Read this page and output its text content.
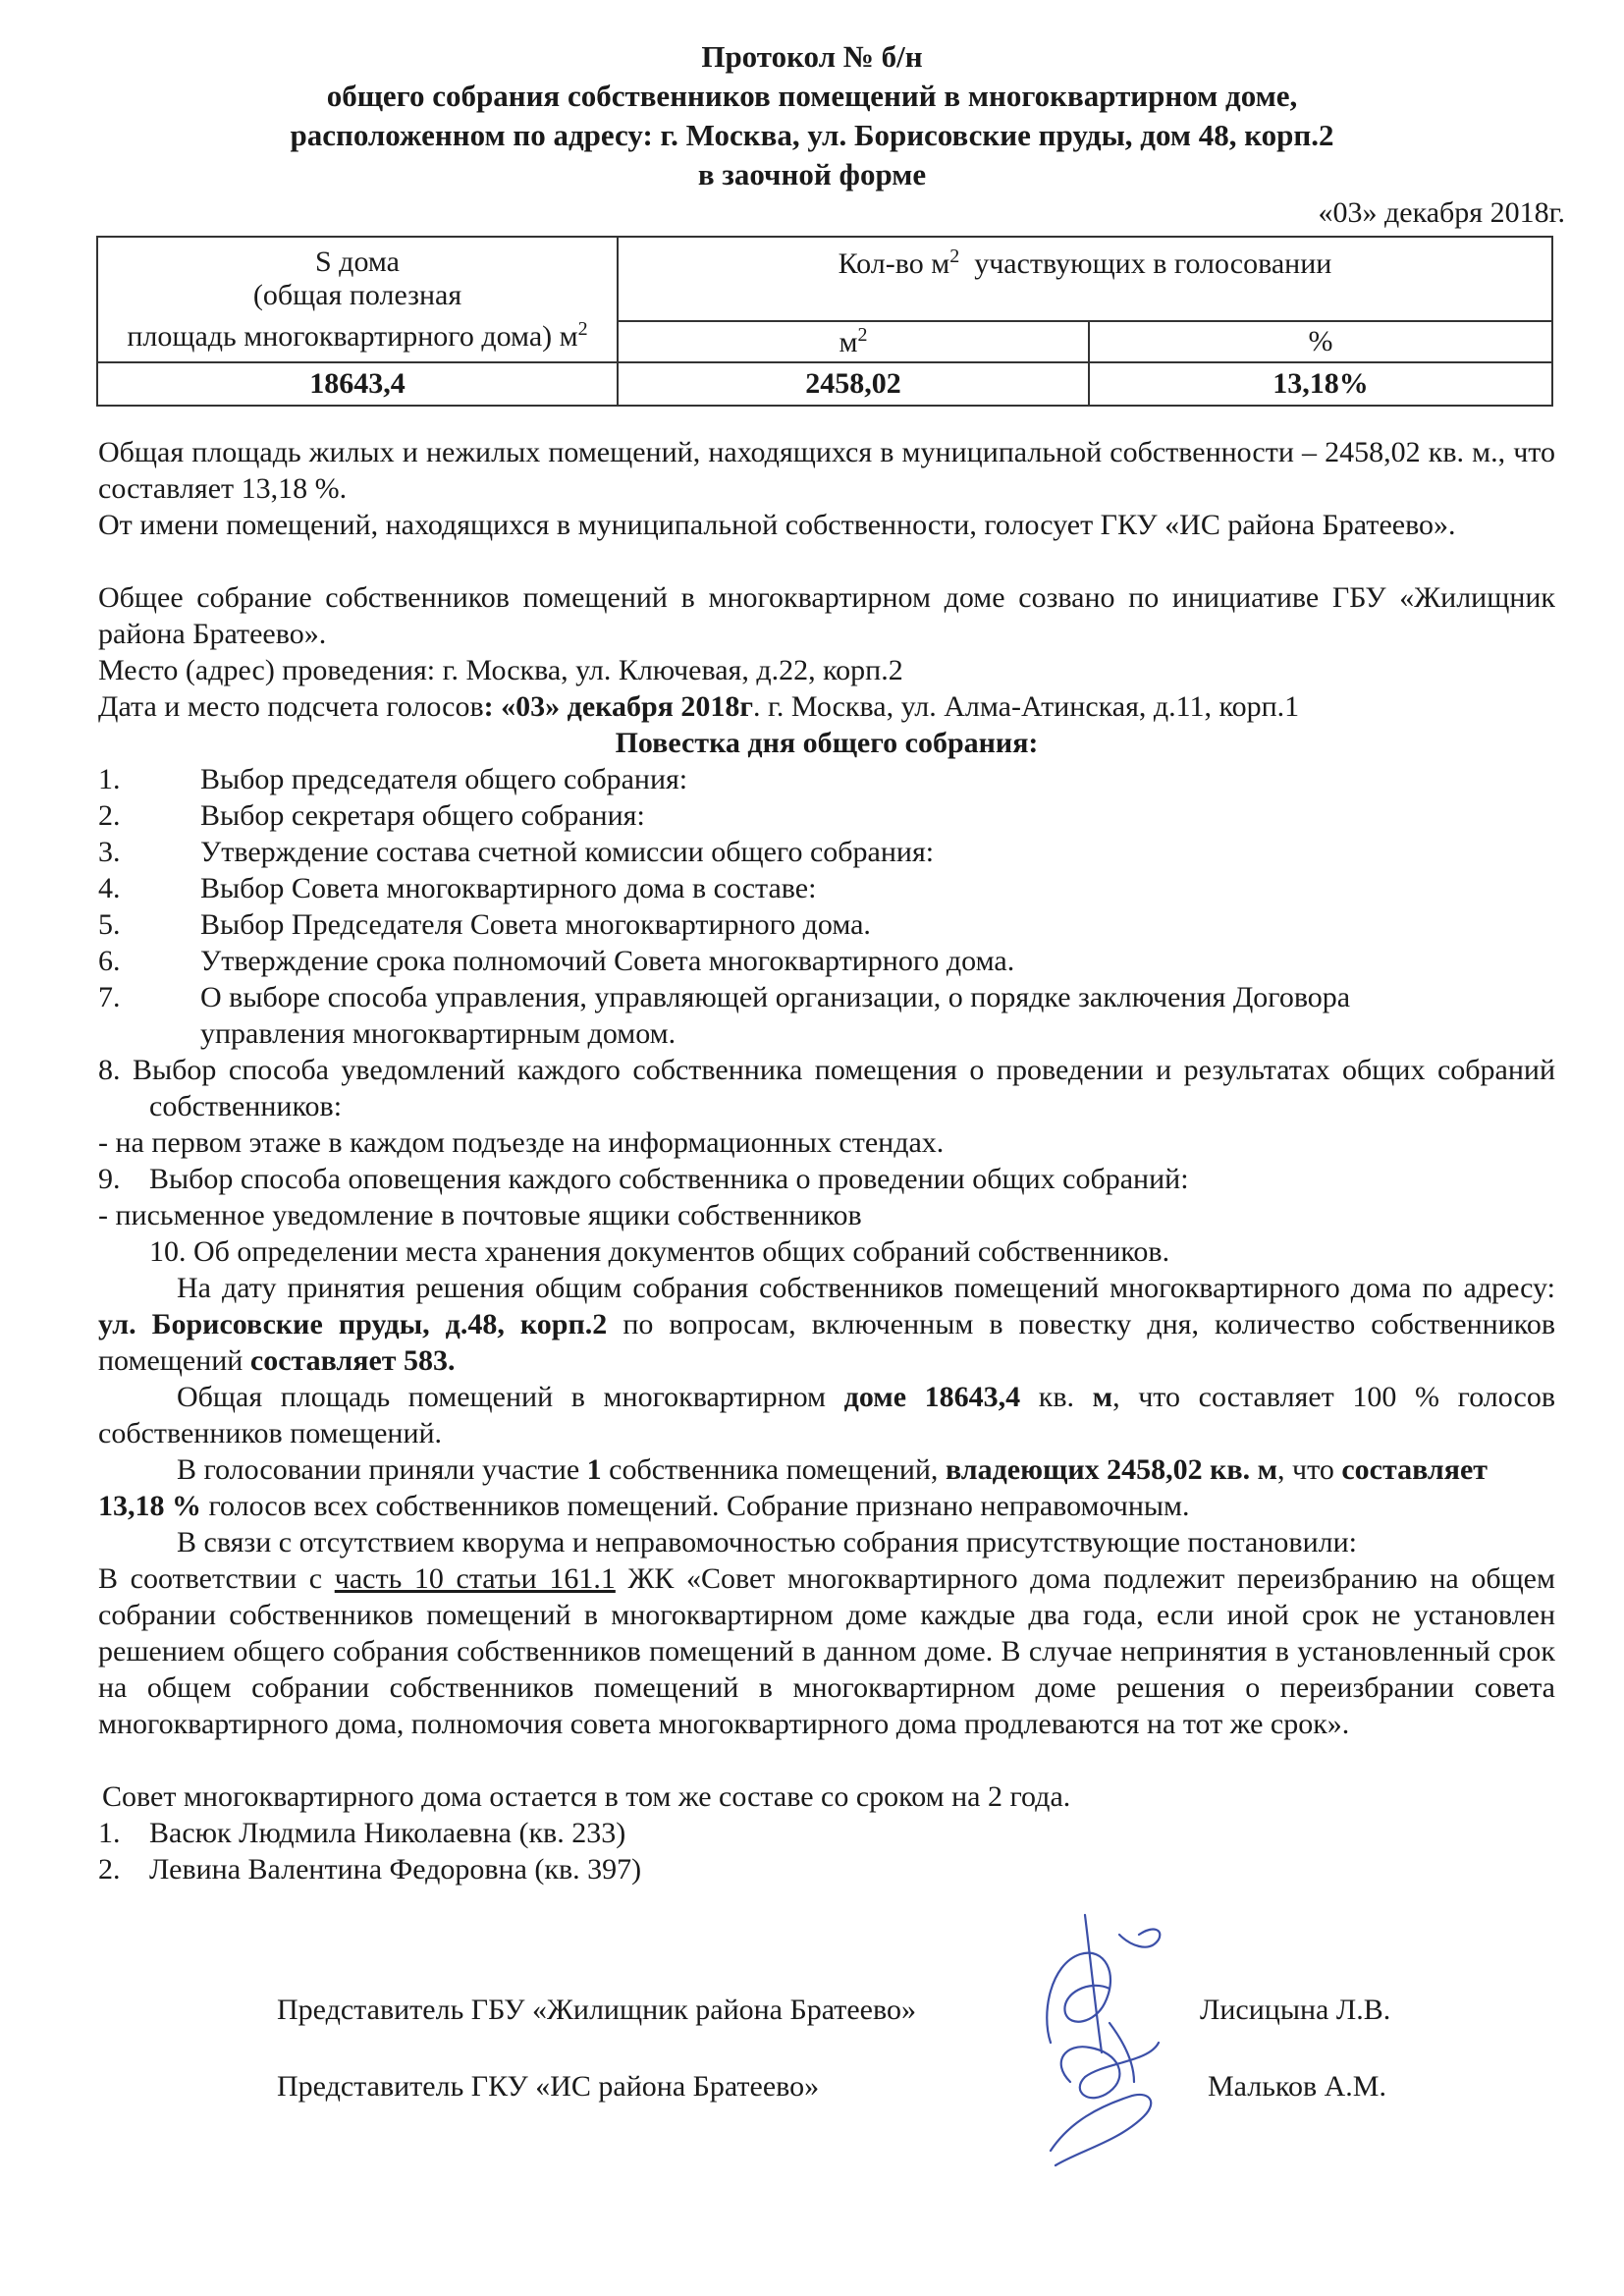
Протокол № б/н
общего собрания собственников помещений в многоквартирном доме,
расположенном по адресу: г. Москва, ул. Борисовские пруды, дом 48, корп.2
в заочной форме
«03» декабря 2018г.
S дома
(общая полезная
площадь многоквартирного дома) $м^2$	Кол-во $м^2$ участвующих в голосовании	
	$м^2$	%
18643,4	2458,02	13,18%

Общая площадь жилых и нежилых помещений, находящихся в муниципальной собственности – 2458,02 кв. м., что составляет 13,18 %.

От имени помещений, находящихся в муниципальной собственности, голосует ГКУ «ИС района Братеево».

Общее собрание собственников помещений в многоквартирном доме созвано по инициативе ГБУ «Жилищник района Братеево».

Место (адрес) проведения: г. Москва, ул. Ключевая, д.22, корп.2

Дата и место подсчета голосов: «03» декабря 2018г. г. Москва, ул. Алма-Атинская, д.11, корп.1

Повестка дня общего собрания:

1.	Выбор председателя общего собрания:
2.	Выбор секретаря общего собрания:
3.	Утверждение состава счетной комиссии общего собрания:
4.	Выбор Совета многоквартирного дома в составе:
5.	Выбор Председателя Совета многоквартирного дома.
6.	Утверждение срока полномочий Совета многоквартирного дома.
7.	О выборе способа управления, управляющей организации, о порядке заключения Договора управления многоквартирным домом.

8. Выбор способа уведомлений каждого собственника помещения о проведении и результатах общих собраний собственников:

- на первом этаже в каждом подъезде на информационных стендах.

9. Выбор способа оповещения каждого собственника о проведении общих собраний:

- письменное уведомление в почтовые ящики собственников

10. Об определении места хранения документов общих собраний собственников.

На дату принятия решения общим собрания собственников помещений многоквартирного дома по адресу: ул. Борисовские пруды, д.48, корп.2 по вопросам, включенным в повестку дня, количество собственников помещений составляет 583.

Общая площадь помещений в многоквартирном доме 18643,4 кв. м, что составляет 100 % голосов собственников помещений.

В голосовании приняли участие 1 собственника помещений, владеющих 2458,02 кв. м, что составляет 13,18 % голосов всех собственников помещений. Собрание признано неправомочным.

В связи с отсутствием кворума и неправомочностью собрания присутствующие постановили:

В соответствии с часть 10 статьи 161.1 ЖК «Совет многоквартирного дома подлежит переизбранию на общем собрании собственников помещений в многоквартирном доме каждые два года, если иной срок не установлен решением общего собрания собственников помещений в данном доме. В случае непринятия в установленный срок на общем собрании собственников помещений в многоквартирном доме решения о переизбрании совета многоквартирного дома, полномочия совета многоквартирного дома продлеваются на тот же срок».

Совет многоквартирного дома остается в том же составе со сроком на 2 года.

1. Васюк Людмила Николаевна (кв. 233)

2. Левина Валентина Федоровна (кв. 397)

Представитель ГБУ «Жилищник района Братеево»	Лисицына Л.В.
Представитель ГКУ «ИС района Братеево»	Мальков А.М.
